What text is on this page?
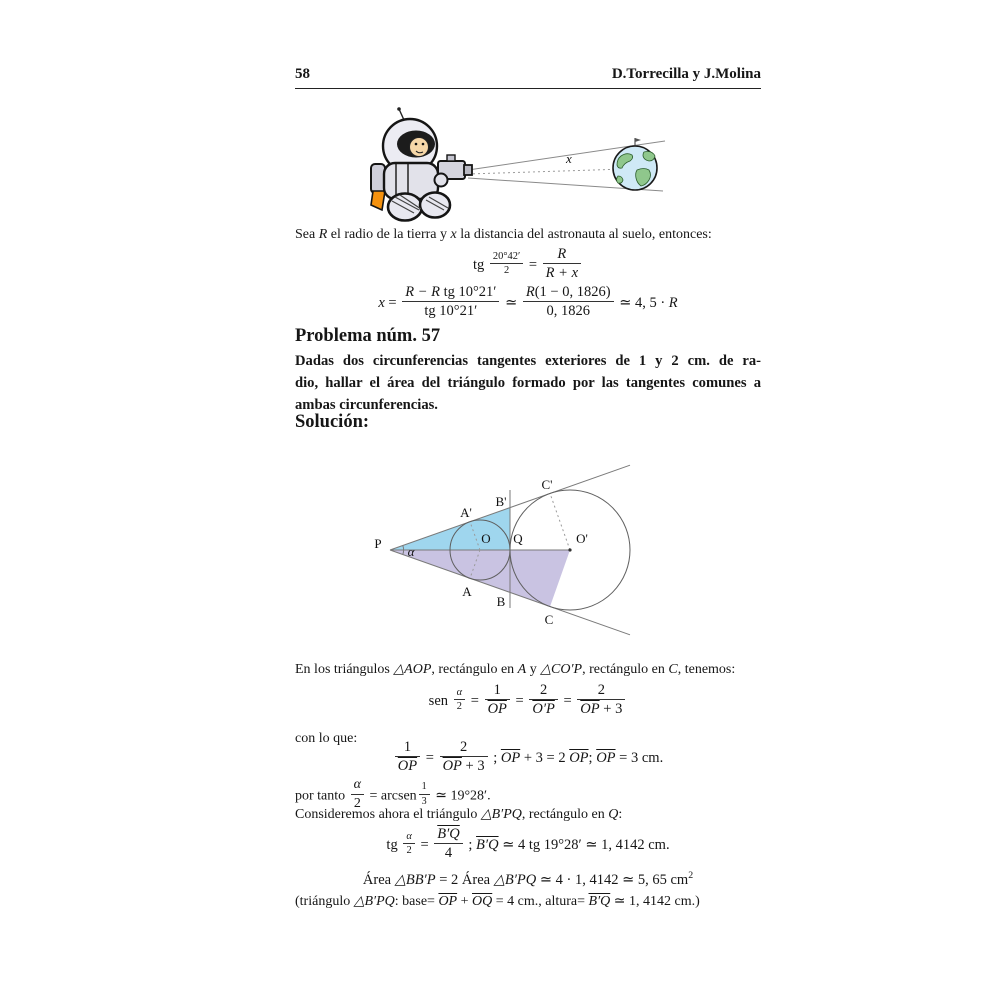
58	D.Torrecilla y J.Molina
x
Sea R el radio de la tierra y x la distancia del astronauta al suelo, entonces:
tg $\frac{20^\circ 42'}{2} = \frac{R}{R + x}$
$x = \frac{\text{R − R tg 10°21′}}{tg 10^\circ 21'}$ ≃ $\frac{R(1 - 0, 1826)}{0, 1826}$ ≃ 4, 5 · R
Problema núm. 57
Dadas dos circunferencias tangentes exteriores de 1 y 2 cm. de ra-
dio, hallar el área del triángulo formado por las tangentes comunes a
ambas circunferencias.
Solución:
P
α
O Q	O'
A'
B'
C'
A
B
C
En los triángulos △AOP, rectángulo en A y △CO′P, rectángulo en C, tenemos:
sen $\frac{\alpha}{2} = \frac{1}{OP} = \frac{2}{O'P} = \frac{2}{\overline{OP} + 3}$
con lo que:
$\frac{1}{OP} = \frac{2}{\overline{OP} + 3}$ ; $\overline{OP} + 3 = 2$ $\overline{OP}$; $\overline{OP} = 3$ cm.
por tanto $\frac{\alpha}{2}$ = arcsen $\frac{1}{3}$ ≃ 19°28′.
Consideremos ahora el triángulo △B′PQ, rectángulo en Q:
tg $\frac{\alpha}{2} = \frac{B'Q}{4}$ ; B′Q ≃ 4 tg 19°28′ ≃ 1, 4142 cm.
Área △BB′P = 2 Área △B′PQ ≃ 4 · 1, 4142 ≃ 5, 65 $cm^2$
(triángulo △B′PQ: base= $\overline{OP} + \overline{OQ} = 4$ cm., altura= B′Q ≃ 1, 4142 cm.)
